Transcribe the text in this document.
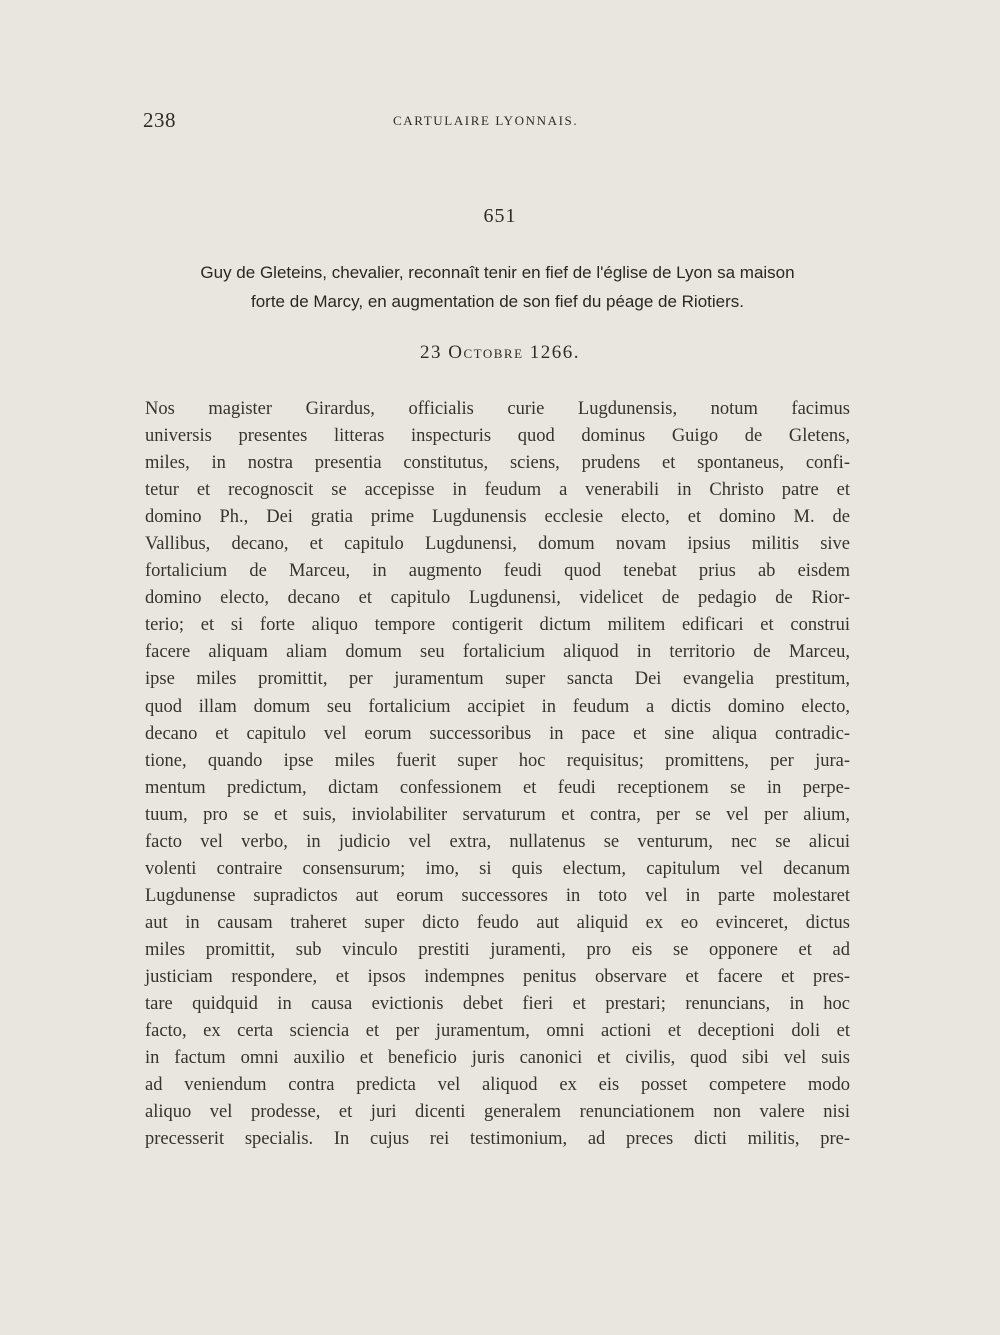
238	CARTULAIRE LYONNAIS.
651
Guy de Gleteins, chevalier, reconnaît tenir en fief de l'église de Lyon sa maison
forte de Marcy, en augmentation de son fief du péage de Riotiers.
23 Octobre 1266.
Nos magister Girardus, officialis curie Lugdunensis, notum facimus
universis presentes litteras inspecturis quod dominus Guigo de Gletens,
miles, in nostra presentia constitutus, sciens, prudens et spontaneus, confi-
tetur et recognoscit se accepisse in feudum a venerabili in Christo patre et
domino Ph., Dei gratia prime Lugdunensis ecclesie electo, et domino M. de
Vallibus, decano, et capitulo Lugdunensi, domum novam ipsius militis sive
fortalicium de Marceu, in augmento feudi quod tenebat prius ab eisdem
domino electo, decano et capitulo Lugdunensi, videlicet de pedagio de Rior-
terio; et si forte aliquo tempore contigerit dictum militem edificari et construi
facere aliquam aliam domum seu fortalicium aliquod in territorio de Marceu,
ipse miles promittit, per juramentum super sancta Dei evangelia prestitum,
quod illam domum seu fortalicium accipiet in feudum a dictis domino electo,
decano et capitulo vel eorum successoribus in pace et sine aliqua contradic-
tione, quando ipse miles fuerit super hoc requisitus; promittens, per jura-
mentum predictum, dictam confessionem et feudi receptionem se in perpe-
tuum, pro se et suis, inviolabiliter servaturum et contra, per se vel per alium,
facto vel verbo, in judicio vel extra, nullatenus se venturum, nec se alicui
volenti contraire consensurum; imo, si quis electum, capitulum vel decanum
Lugdunense supradictos aut eorum successores in toto vel in parte molestaret
aut in causam traheret super dicto feudo aut aliquid ex eo evinceret, dictus
miles promittit, sub vinculo prestiti juramenti, pro eis se opponere et ad
justiciam respondere, et ipsos indempnes penitus observare et facere et pres-
tare quidquid in causa evictionis debet fieri et prestari; renuncians, in hoc
facto, ex certa sciencia et per juramentum, omni actioni et deceptioni doli et
in factum omni auxilio et beneficio juris canonici et civilis, quod sibi vel suis
ad veniendum contra predicta vel aliquod ex eis posset competere modo
aliquo vel prodesse, et juri dicenti generalem renunciationem non valere nisi
precesserit specialis. In cujus rei testimonium, ad preces dicti militis, pre-
